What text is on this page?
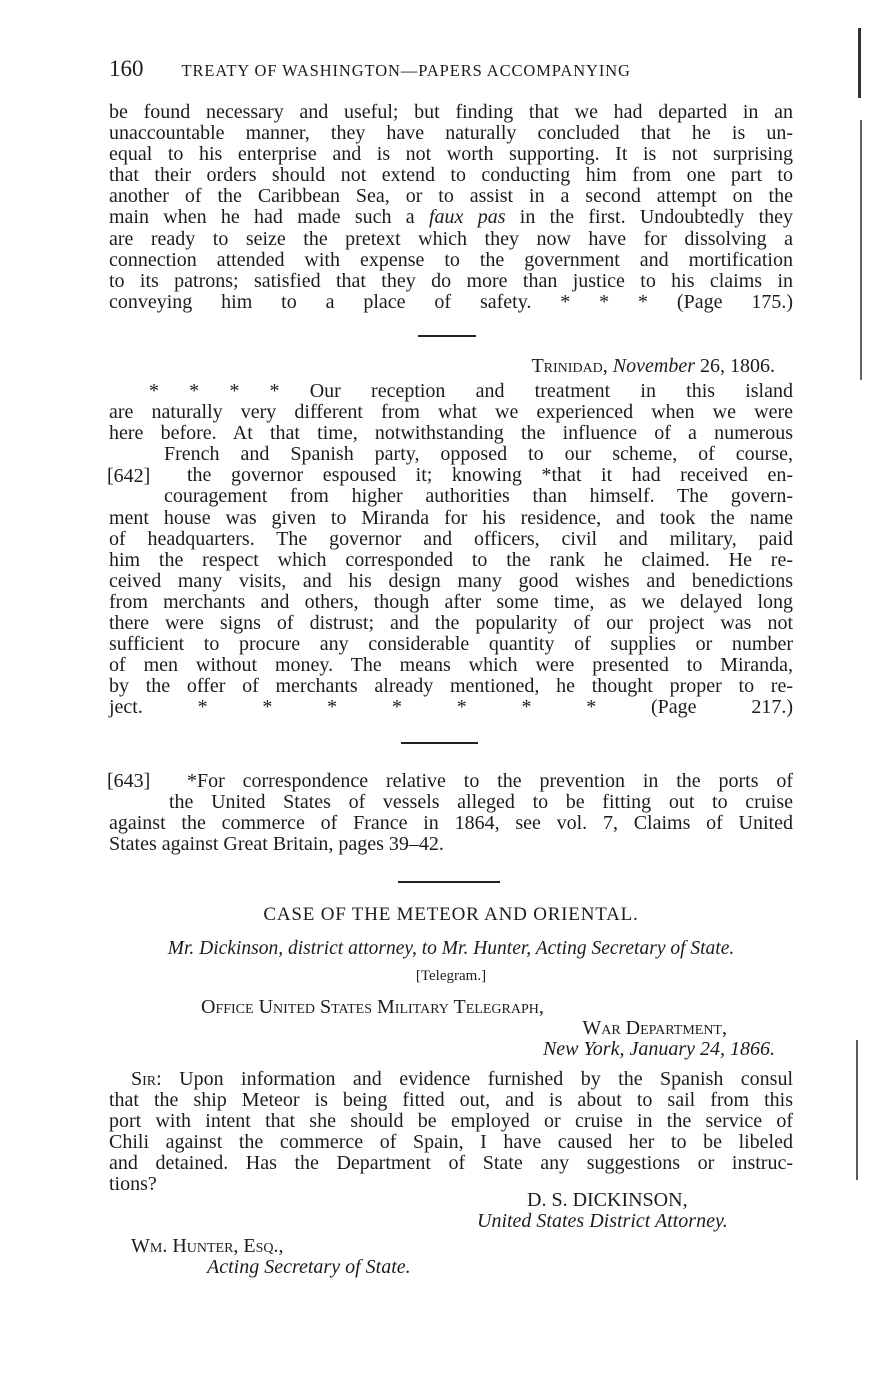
160 TREATY OF WASHINGTON—PAPERS ACCOMPANYING
be found necessary and useful; but finding that we had departed in an
unaccountable manner, they have naturally concluded that he is un-
equal to his enterprise and is not worth supporting. It is not surprising
that their orders should not extend to conducting him from one part to
another of the Caribbean Sea, or to assist in a second attempt on the
main when he had made such a faux pas in the first. Undoubtedly they
are ready to seize the pretext which they now have for dissolving a
connection attended with expense to the government and mortification
to its patrons; satisfied that they do more than justice to his claims in
conveying him to a place of safety. * * * (Page 175.)
Trinidad, November 26, 1806.
* * * * Our reception and treatment in this island
are naturally very different from what we experienced when we were
here before. At that time, notwithstanding the influence of a numerous
French and Spanish party, opposed to our scheme, of course,
the governor espoused it; knowing *that it had received en-
couragement from higher authorities than himself. The govern-
ment house was given to Miranda for his residence, and took the name
of headquarters. The governor and officers, civil and military, paid
him the respect which corresponded to the rank he claimed. He re-
ceived many visits, and his design many good wishes and benedictions
from merchants and others, though after some time, as we delayed long
there were signs of distrust; and the popularity of our project was not
sufficient to procure any considerable quantity of supplies or number
of men without money. The means which were presented to Miranda,
by the offer of merchants already mentioned, he thought proper to re-
ject. * * * * * * * (Page 217.)
[642]
[643]	*For correspondence relative to the prevention in the ports of
the United States of vessels alleged to be fitting out to cruise
against the commerce of France in 1864, see vol. 7, Claims of United
States against Great Britain, pages 39–42.
CASE OF THE METEOR AND ORIENTAL.
Mr. Dickinson, district attorney, to Mr. Hunter, Acting Secretary of State.
[Telegram.]
Office United States Military Telegraph,
War Department,
New York, January 24, 1866.
Sir: Upon information and evidence furnished by the Spanish consul
that the ship Meteor is being fitted out, and is about to sail from this
port with intent that she should be employed or cruise in the service of
Chili against the commerce of Spain, I have caused her to be libeled
and detained. Has the Department of State any suggestions or instruc-
tions?
D. S. DICKINSON,
United States District Attorney.
Wm. Hunter, Esq.,
Acting Secretary of State.
